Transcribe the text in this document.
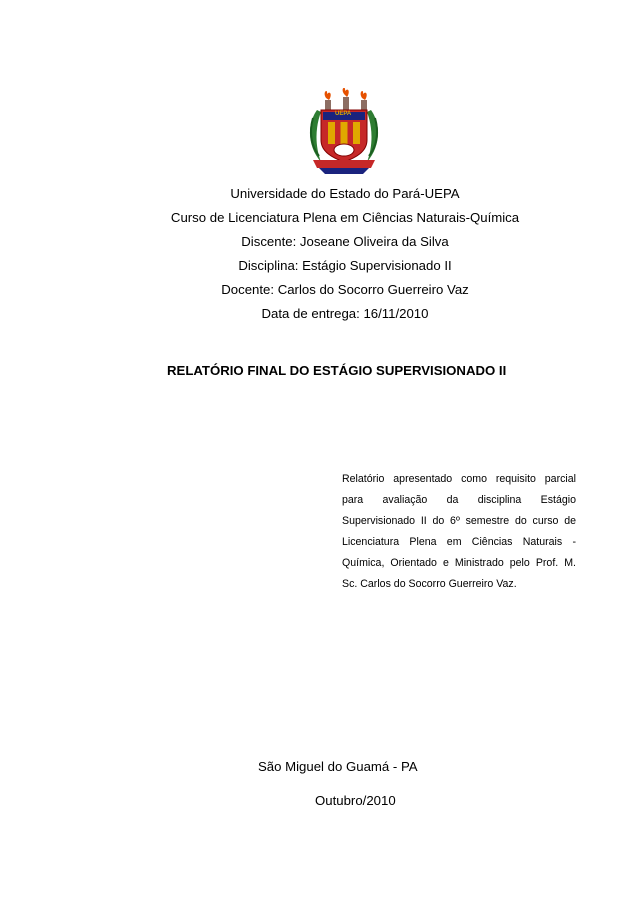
UEPA
Universidade do Estado do Pará-UEPA
Curso de Licenciatura Plena em Ciências Naturais-Química
Discente: Joseane Oliveira da Silva
Disciplina: Estágio Supervisionado II
Docente: Carlos do Socorro Guerreiro Vaz
Data de entrega: 16/11/2010
RELATÓRIO FINAL DO ESTÁGIO SUPERVISIONADO II
Relatório apresentado como requisito parcial
para avaliação da disciplina Estágio
Supervisionado II do 6º semestre do curso de
Licenciatura Plena em Ciências Naturais -
Química, Orientado e Ministrado pelo Prof. M.
Sc. Carlos do Socorro Guerreiro Vaz.
São Miguel do Guamá - PA
Outubro/2010
